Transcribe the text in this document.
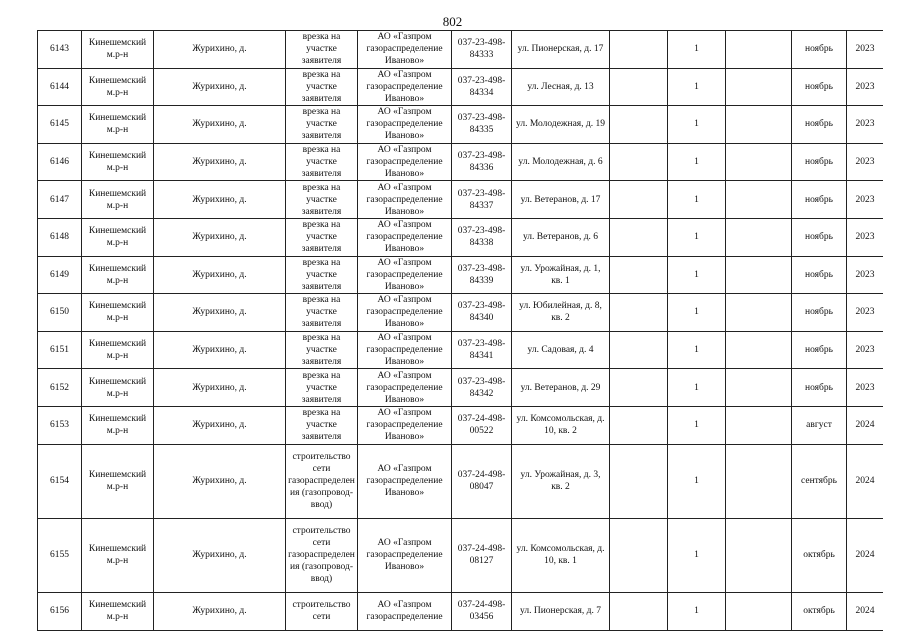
802
6143	Кинешемский м.р-н	Журихино, д.	врезка на участке заявителя	АО «Газпром газораспределение Иваново»	037-23-498-84333	ул. Пионерская, д. 17		1		ноябрь	2023
6144	Кинешемский м.р-н	Журихино, д.	врезка на участке заявителя	АО «Газпром газораспределение Иваново»	037-23-498-84334	ул. Лесная, д. 13		1		ноябрь	2023
6145	Кинешемский м.р-н	Журихино, д.	врезка на участке заявителя	АО «Газпром газораспределение Иваново»	037-23-498-84335	ул. Молодежная, д. 19		1		ноябрь	2023
6146	Кинешемский м.р-н	Журихино, д.	врезка на участке заявителя	АО «Газпром газораспределение Иваново»	037-23-498-84336	ул. Молодежная, д. 6		1		ноябрь	2023
6147	Кинешемский м.р-н	Журихино, д.	врезка на участке заявителя	АО «Газпром газораспределение Иваново»	037-23-498-84337	ул. Ветеранов, д. 17		1		ноябрь	2023
6148	Кинешемский м.р-н	Журихино, д.	врезка на участке заявителя	АО «Газпром газораспределение Иваново»	037-23-498-84338	ул. Ветеранов, д. 6		1		ноябрь	2023
6149	Кинешемский м.р-н	Журихино, д.	врезка на участке заявителя	АО «Газпром газораспределение Иваново»	037-23-498-84339	ул. Урожайная, д. 1, кв. 1		1		ноябрь	2023
6150	Кинешемский м.р-н	Журихино, д.	врезка на участке заявителя	АО «Газпром газораспределение Иваново»	037-23-498-84340	ул. Юбилейная, д. 8, кв. 2		1		ноябрь	2023
6151	Кинешемский м.р-н	Журихино, д.	врезка на участке заявителя	АО «Газпром газораспределение Иваново»	037-23-498-84341	ул. Садовая, д. 4		1		ноябрь	2023
6152	Кинешемский м.р-н	Журихино, д.	врезка на участке заявителя	АО «Газпром газораспределение Иваново»	037-23-498-84342	ул. Ветеранов, д. 29		1		ноябрь	2023
6153	Кинешемский м.р-н	Журихино, д.	врезка на участке заявителя	АО «Газпром газораспределение Иваново»	037-24-498-00522	ул. Комсомольская, д. 10, кв. 2		1		август	2024
6154	Кинешемский м.р-н	Журихино, д.	строительство сети газораспределения (газопровод-ввод)	АО «Газпром газораспределение Иваново»	037-24-498-08047	ул. Урожайная, д. 3, кв. 2		1		сентябрь	2024
6155	Кинешемский м.р-н	Журихино, д.	строительство сети газораспределения (газопровод-ввод)	АО «Газпром газораспределение Иваново»	037-24-498-08127	ул. Комсомольская, д. 10, кв. 1		1		октябрь	2024
6156	Кинешемский м.р-н	Журихино, д.	строительство сети	АО «Газпром газораспределение	037-24-498-03456	ул. Пионерская, д. 7		1		октябрь	2024
